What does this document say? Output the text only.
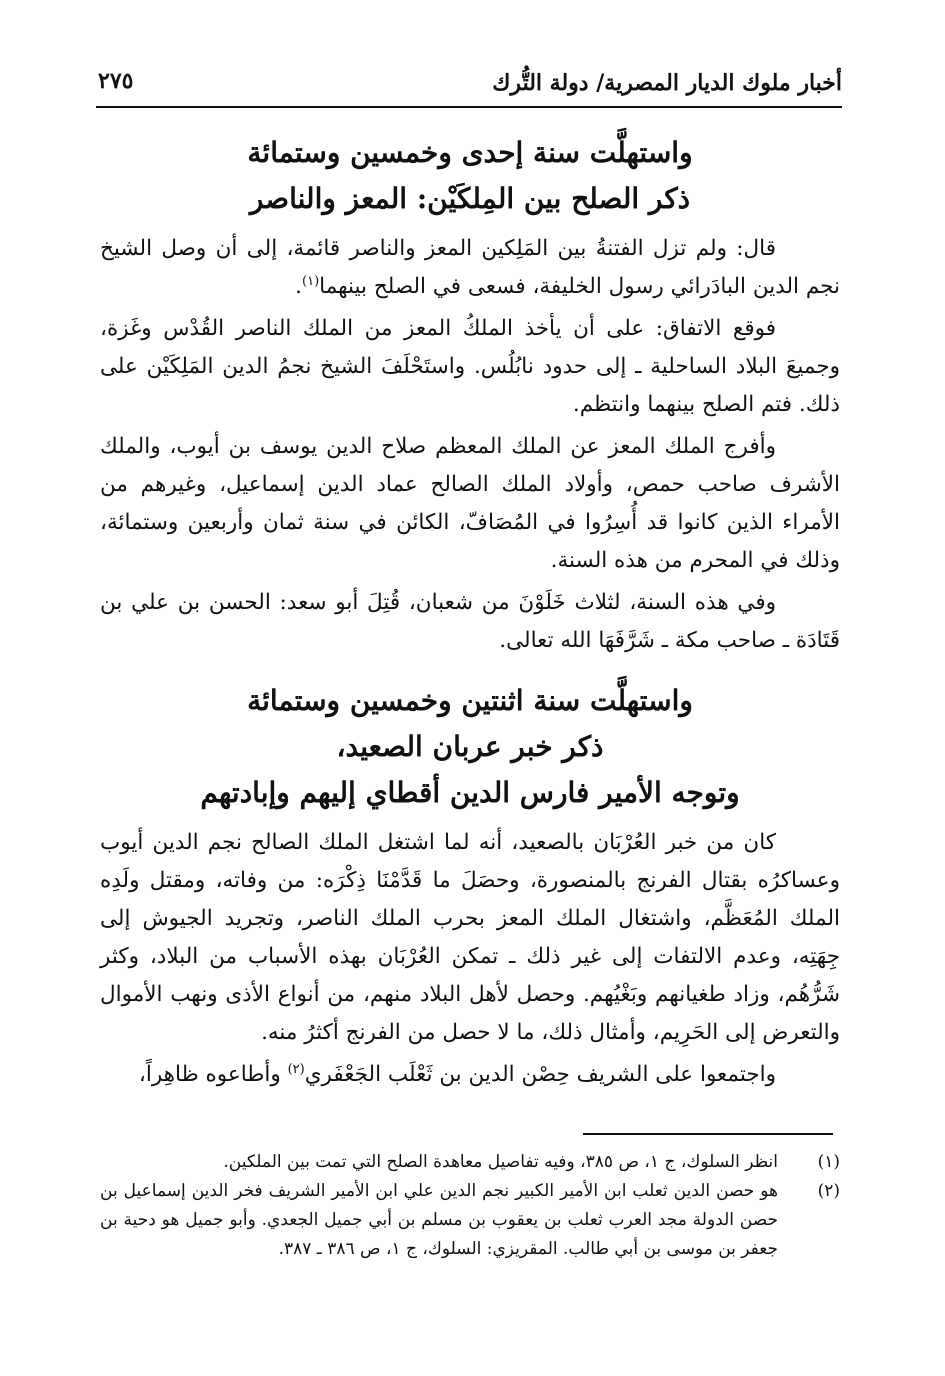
أخبار ملوك الديار المصرية/ دولة التُّرك
٢٧٥

واستهلَّت سنة إحدى وخمسين وستمائة

ذكر الصلح بين المِلكَيْن: المعز والناصر

قال: ولم تزل الفتنةُ بين المَلِكين المعز والناصر قائمة، إلى أن وصل الشيخ نجم الدين البادَرائي رسول الخليفة، فسعى في الصلح بينهما$^{(١)}$.

فوقع الاتفاق: على أن يأخذ الملكُ المعز من الملك الناصر القُدْس وغَزة، وجميعَ البلاد الساحلية ـ إلى حدود نابُلُس. واستَحْلَفَ الشيخ نجمُ الدين المَلِكَيْن على ذلك. فتم الصلح بينهما وانتظم.

وأفرج الملك المعز عن الملك المعظم صلاح الدين يوسف بن أيوب، والملك الأشرف صاحب حمص، وأولاد الملك الصالح عماد الدين إسماعيل، وغيرهم من الأمراء الذين كانوا قد أُسِرُوا في المُصَافّ، الكائن في سنة ثمان وأربعين وستمائة، وذلك في المحرم من هذه السنة.

وفي هذه السنة، لثلاث خَلَوْنَ من شعبان، قُتِلَ أبو سعد: الحسن بن علي بن قَتَادَة ـ صاحب مكة ـ شَرَّفَهَا الله تعالى.

واستهلَّت سنة اثنتين وخمسين وستمائة

ذكر خبر عربان الصعيد،

وتوجه الأمير فارس الدين أقطاي إليهم وإبادتهم

كان من خبر العُرْبَان بالصعيد، أنه لما اشتغل الملك الصالح نجم الدين أيوب وعساكرُه بقتال الفرنج بالمنصورة، وحصَلَ ما قَدَّمْنَا ذِكْرَه: من وفاته، ومقتل ولَدِه الملك المُعَظَّم، واشتغال الملك المعز بحرب الملك الناصر، وتجريد الجيوش إلى جِهَتِه، وعدم الالتفات إلى غير ذلك ـ تمكن العُرْبَان بهذه الأسباب من البلاد، وكثر شَرُّهُم، وزاد طغيانهم وبَغْيُهم. وحصل لأهل البلاد منهم، من أنواع الأذى ونهب الأموال والتعرض إلى الحَرِيم، وأمثال ذلك، ما لا حصل من الفرنج أكثرُ منه.

واجتمعوا على الشريف حِصْن الدين بن ثَعْلَب الجَعْفَري$^{(٢)}$ وأطاعوه ظاهِراً،

(١)
انظر السلوك، ج ١، ص ٣٨٥، وفيه تفاصيل معاهدة الصلح التي تمت بين الملكين.
(٢)
هو حصن الدين ثعلب ابن الأمير الكبير نجم الدين علي ابن الأمير الشريف فخر الدين إسماعيل بن حصن الدولة مجد العرب ثعلب بن يعقوب بن مسلم بن أبي جميل الجعدي. وأبو جميل هو دحية بن جعفر بن موسى بن أبي طالب. المقريزي: السلوك، ج ١، ص ٣٨٦ ـ ٣٨٧.
